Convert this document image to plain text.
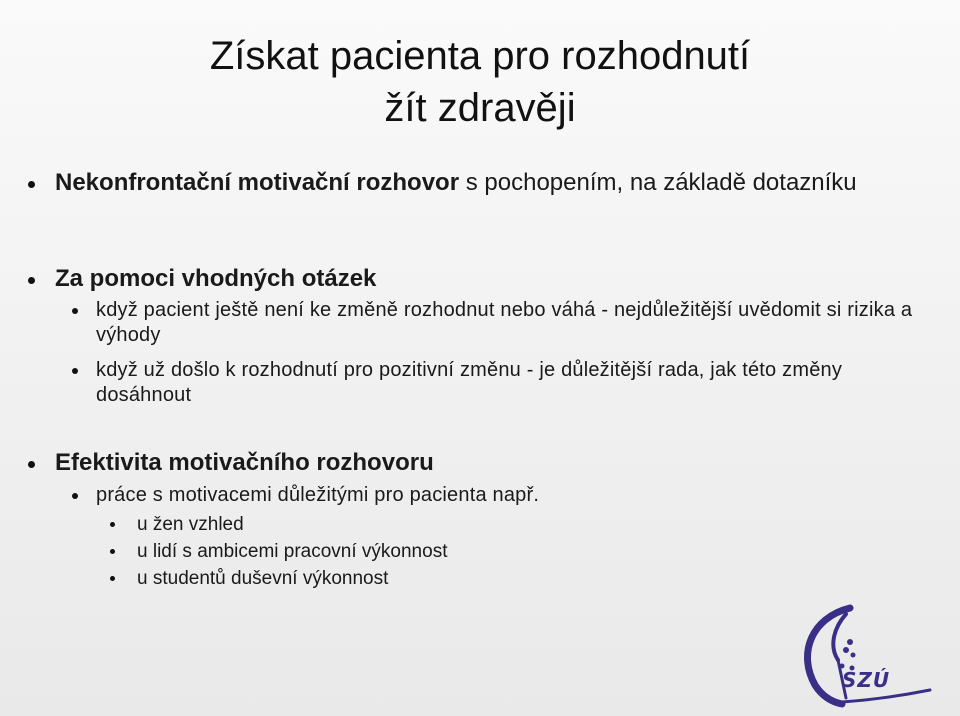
Získat pacienta pro rozhodnutí
žít zdravěji

Nekonfrontační motivační rozhovor s pochopením, na základě dotazníku

Za pomoci vhodných otázek

když pacient ještě není ke změně rozhodnut nebo váhá - nejdůležitější uvědomit si rizika a výhody

když už došlo k rozhodnutí pro pozitivní změnu - je důležitější rada, jak této změny dosáhnout

Efektivita motivačního rozhovoru

práce s motivacemi důležitými pro pacienta např.

u žen vzhled

u lidí s ambicemi pracovní výkonnost

u studentů duševní výkonnost

SZÚ
